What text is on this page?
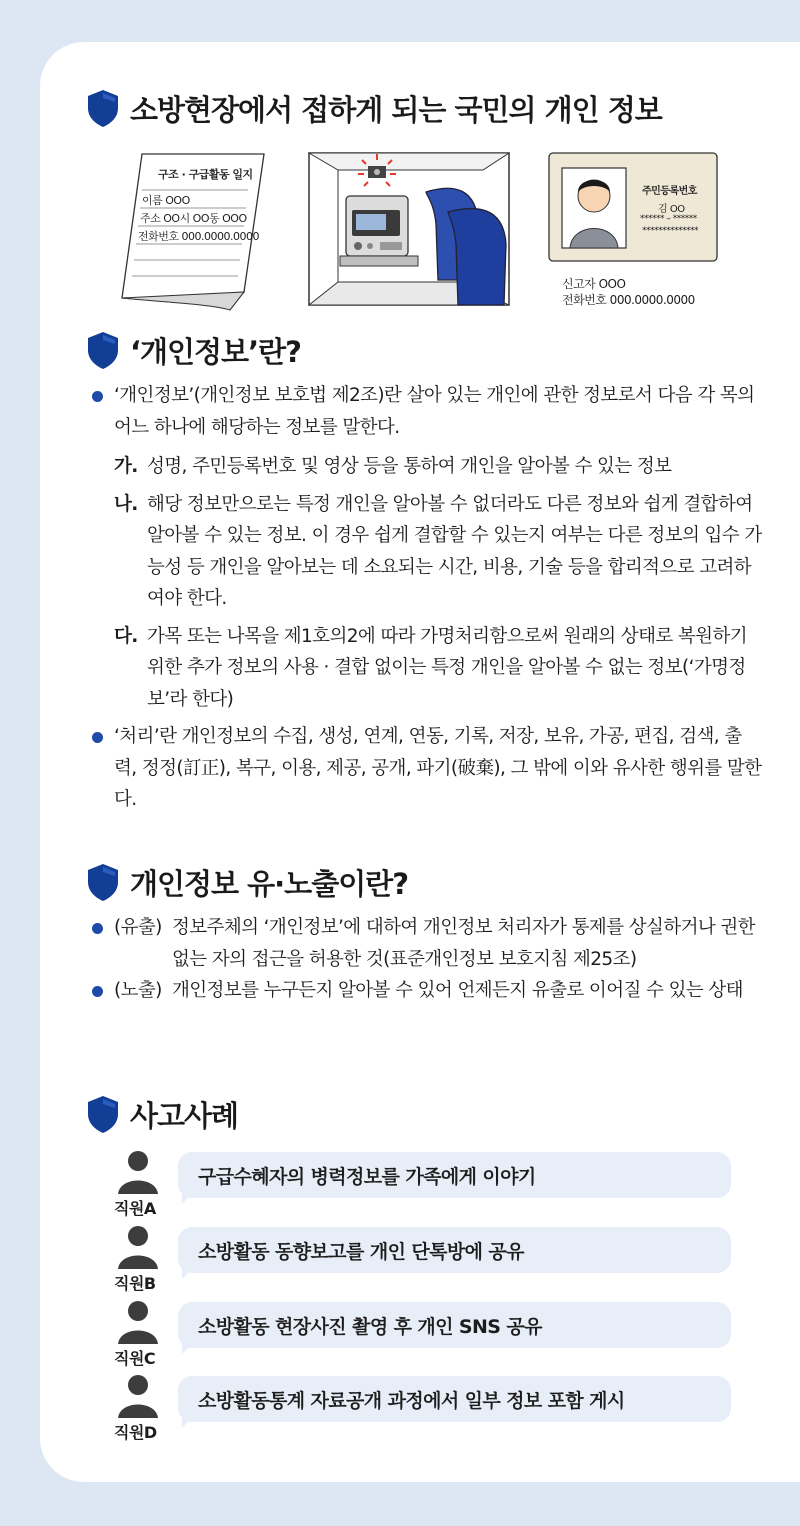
소방현장에서 접하게 되는 국민의 개인 정보
구조 · 구급활동 일지
이름 OOO
주소 OO시 OO동 OOO
전화번호 000.0000.0000
주민등록번호
김 OO
****** – ******
**************
신고자 OOO
전화번호 000.0000.0000
‘개인정보’란?
‘개인정보’(개인정보 보호법 제2조)란 살아 있는 개인에 관한 정보로서 다음 각 목의 어느 하나에 해당하는 정보를 말한다.
가. 성명, 주민등록번호 및 영상 등을 통하여 개인을 알아볼 수 있는 정보
나. 해당 정보만으로는 특정 개인을 알아볼 수 없더라도 다른 정보와 쉽게 결합하여 알아볼 수 있는 정보. 이 경우 쉽게 결합할 수 있는지 여부는 다른 정보의 입수 가능성 등 개인을 알아보는 데 소요되는 시간, 비용, 기술 등을 합리적으로 고려하여야 한다.
다. 가목 또는 나목을 제1호의2에 따라 가명처리함으로써 원래의 상태로 복원하기 위한 추가 정보의 사용 · 결합 없이는 특정 개인을 알아볼 수 없는 정보(‘가명정보’라 한다)
‘처리’란 개인정보의 수집, 생성, 연계, 연동, 기록, 저장, 보유, 가공, 편집, 검색, 출력, 정정(訂正), 복구, 이용, 제공, 공개, 파기(破棄), 그 밖에 이와 유사한 행위를 말한다.
개인정보 유·노출이란?
(유출) 정보주체의 ‘개인정보’에 대하여 개인정보 처리자가 통제를 상실하거나 권한 없는 자의 접근을 허용한 것(표준개인정보 보호지침 제25조)
(노출) 개인정보를 누구든지 알아볼 수 있어 언제든지 유출로 이어질 수 있는 상태
사고사례
직원A
구급수혜자의 병력정보를 가족에게 이야기
직원B
소방활동 동향보고를 개인 단톡방에 공유
직원C
소방활동 현장사진 촬영 후 개인 SNS 공유
직원D
소방활동통계 자료공개 과정에서 일부 정보 포함 게시
